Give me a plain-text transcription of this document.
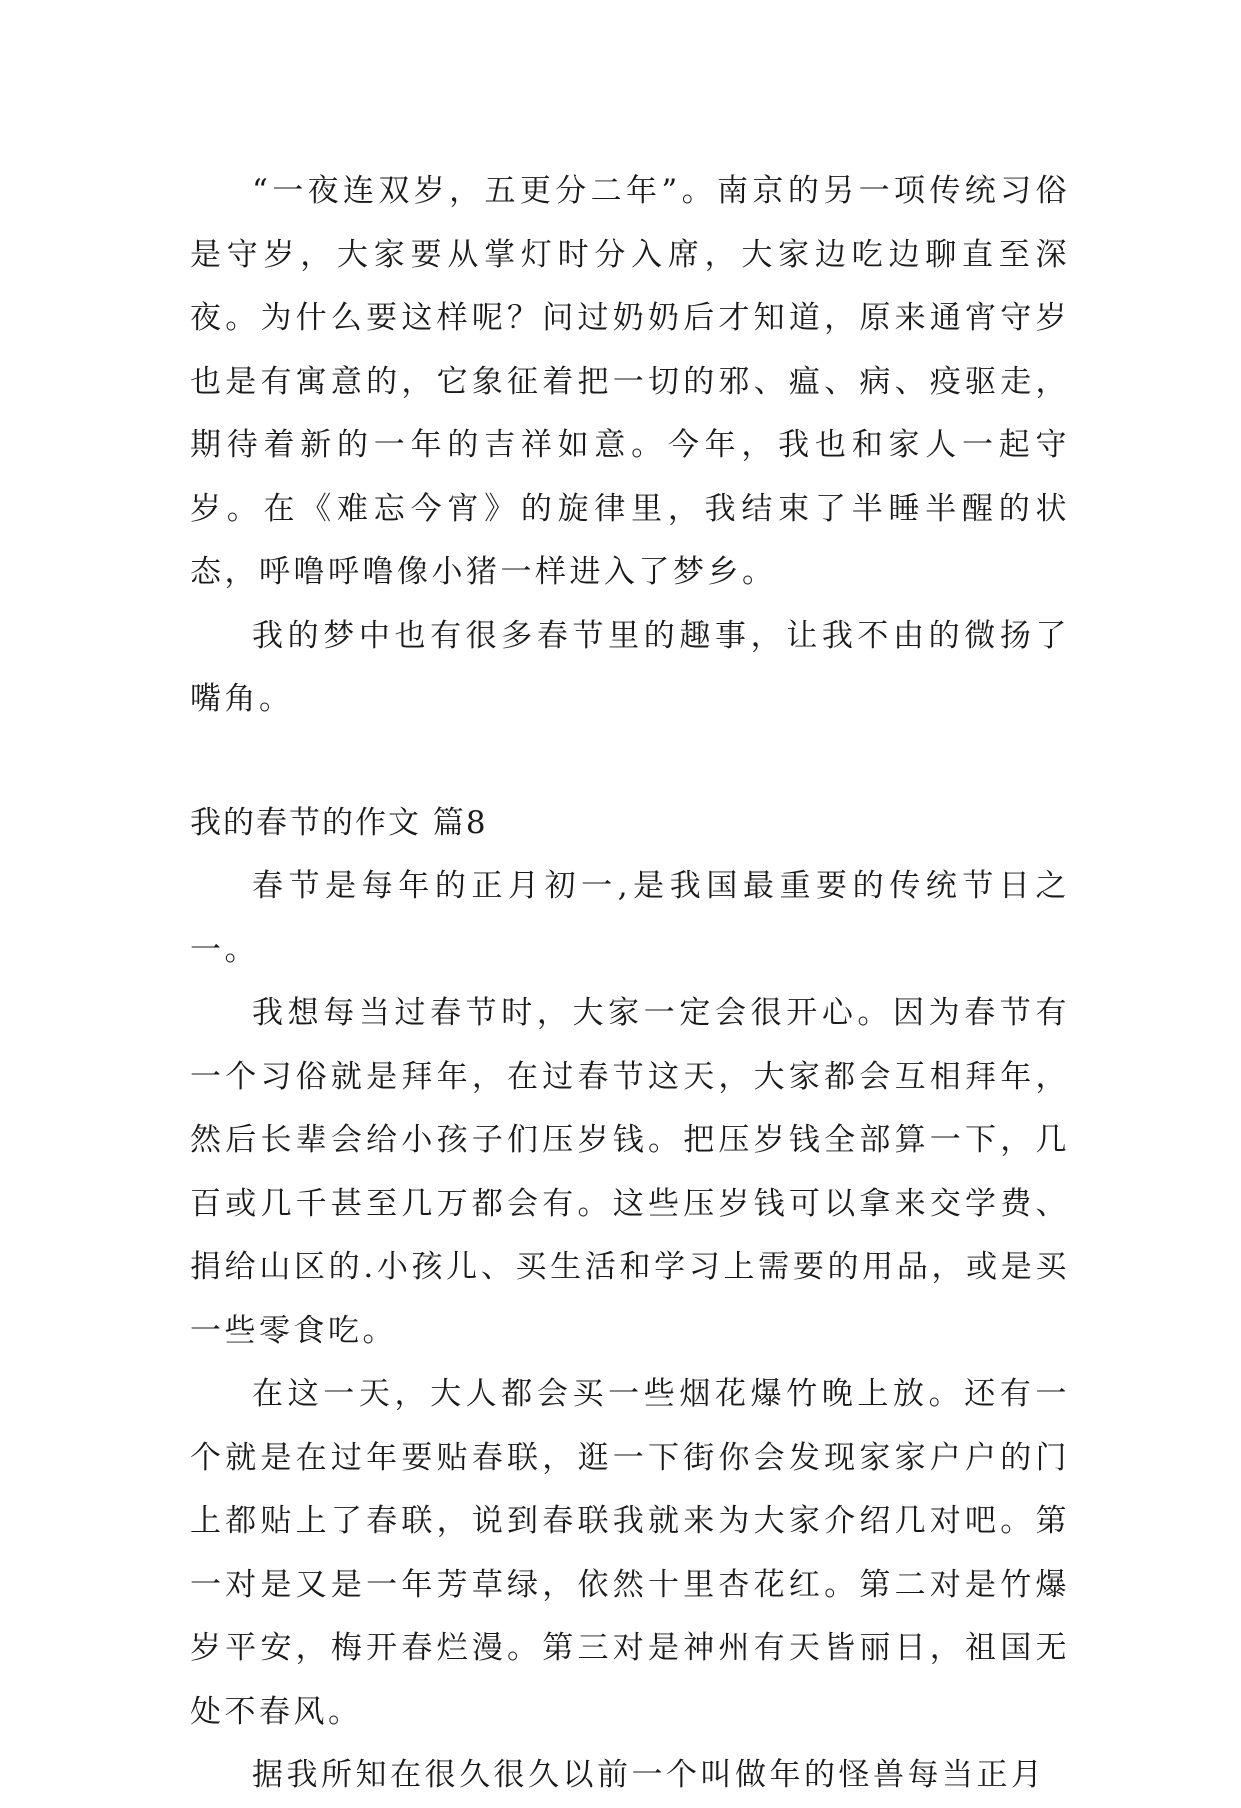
“一夜连双岁，五更分二年”。南京的另一项传统习俗是守岁，大家要从掌灯时分入席，大家边吃边聊直至深夜。为什么要这样呢？问过奶奶后才知道，原来通宵守岁也是有寓意的，它象征着把一切的邪、瘟、病、疫驱走，期待着新的一年的吉祥如意。今年，我也和家人一起守岁。在《难忘今宵》的旋律里，我结束了半睡半醒的状态，呼噜呼噜像小猪一样进入了梦乡。

我的梦中也有很多春节里的趣事，让我不由的微扬了嘴角。

我的春节的作文 篇8

春节是每年的正月初一,是我国最重要的传统节日之一。

我想每当过春节时，大家一定会很开心。因为春节有一个习俗就是拜年，在过春节这天，大家都会互相拜年，然后长辈会给小孩子们压岁钱。把压岁钱全部算一下，几百或几千甚至几万都会有。这些压岁钱可以拿来交学费、捐给山区的.小孩儿、买生活和学习上需要的用品，或是买一些零食吃。

在这一天，大人都会买一些烟花爆竹晚上放。还有一个就是在过年要贴春联，逛一下街你会发现家家户户的门上都贴上了春联，说到春联我就来为大家介绍几对吧。第一对是又是一年芳草绿，依然十里杏花红。第二对是竹爆岁平安，梅开春烂漫。第三对是神州有天皆丽日，祖国无处不春风。

据我所知在很久很久以前一个叫做年的怪兽每当正月
